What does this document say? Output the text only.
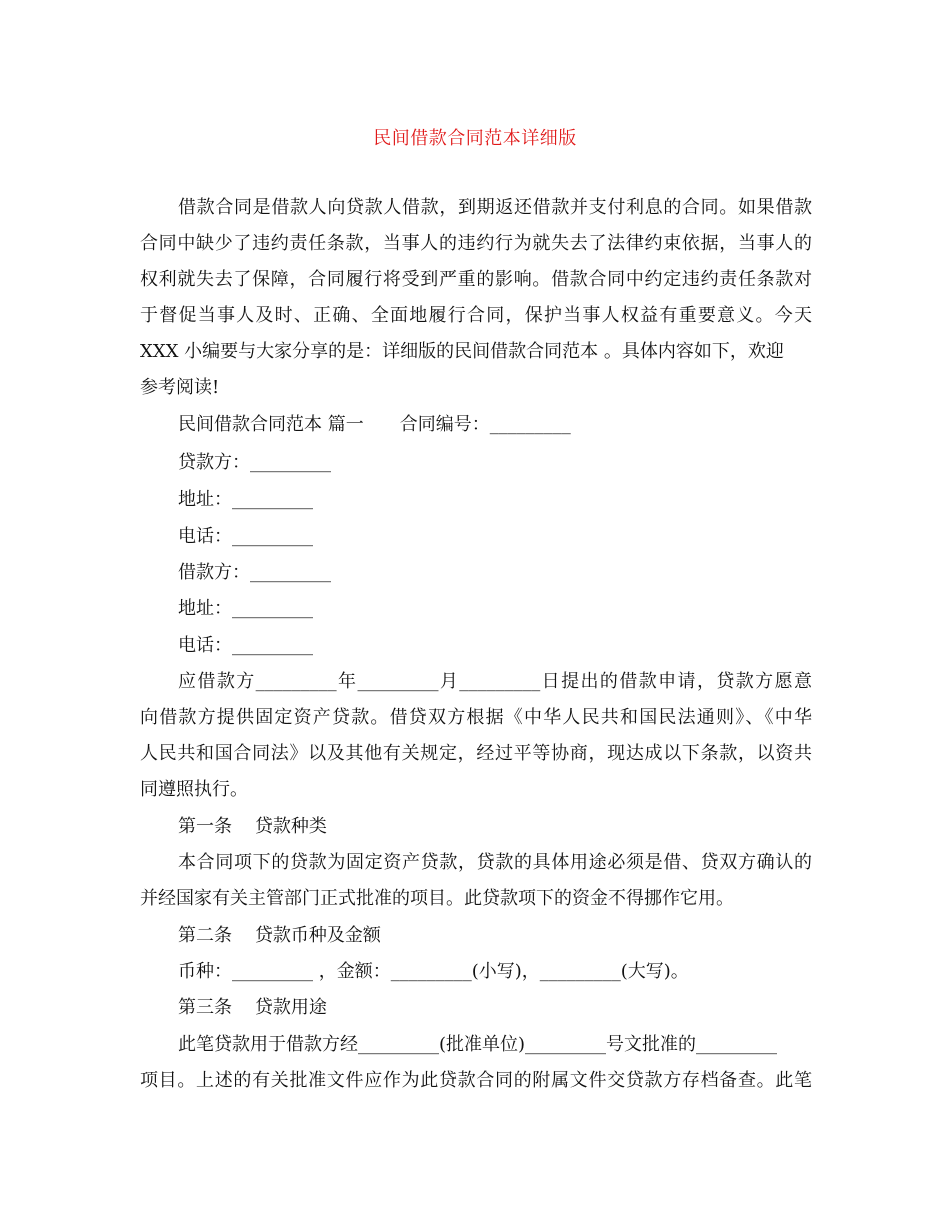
民间借款合同范本详细版
借款合同是借款人向贷款人借款，到期返还借款并支付利息的合同。如果借款
合同中缺少了违约责任条款，当事人的违约行为就失去了法律约束依据，当事人的
权利就失去了保障，合同履行将受到严重的影响。借款合同中约定违约责任条款对
于督促当事人及时、正确、全面地履行合同，保护当事人权益有重要意义。今天
XXX 小编要与大家分享的是：详细版的民间借款合同范本 。具体内容如下，欢迎
参考阅读!
民间借款合同范本 篇一 合同编号：_________
贷款方：_________
地址：_________
电话：_________
借款方：_________
地址：_________
电话：_________
应借款方_________年_________月_________日提出的借款申请，贷款方愿意
向借款方提供固定资产贷款。借贷双方根据《中华人民共和国民法通则》、《中华
人民共和国合同法》以及其他有关规定，经过平等协商，现达成以下条款，以资共
同遵照执行。
第一条    贷款种类
本合同项下的贷款为固定资产贷款，贷款的具体用途必须是借、贷双方确认的
并经国家有关主管部门正式批准的项目。此贷款项下的资金不得挪作它用。
第二条    贷款币种及金额
币种：_________ ，金额：_________(小写)，_________(大写)。
第三条    贷款用途
此笔贷款用于借款方经_________(批准单位)_________号文批准的_________
项目。上述的有关批准文件应作为此贷款合同的附属文件交贷款方存档备查。此笔
